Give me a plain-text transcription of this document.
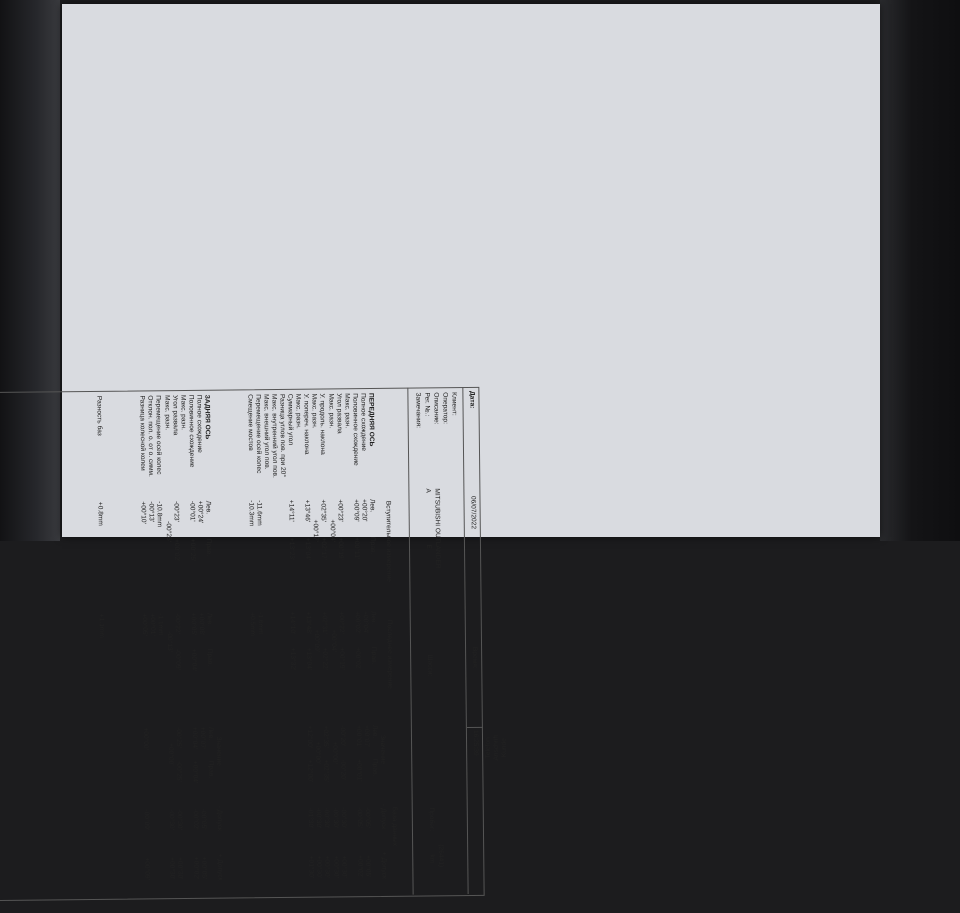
Дата:
06/07/2022
Время:
16:25:39 Telefon Anschrift Kunde
Клиент:
Оператор:
Описание:
Рег. №.:
Замечания:
MITSUBISHI OUTLANDER
A
E
Шасси:
(26441)
Пробег:
km
Вступительное измерение
Последнее измерение
База данных
ПЕРЕДНЯЯ ОСЬ
Лев.
Прав.
Лев.
Прав.
Значение
Лев.
Прав.
- Допуск
+ Допуск
Полное схождение
+00°20'
+00°04'
+00°07'
-00°05'
+00°05'
Половинное схождение
+00°09'
+00°11'
+00°02'
+00°02'
+00°01'
+00°01'
-00°05'
+00°02'
Макс. разн.
Угол развала
+00°23'
+00°19'
+00°22'
+00°19'
-00°20'
-00°20'
-00°30'
+00°30'
Макс. разн.
+00°04'
+00°04'
+00°00'
-00°30'
+00°30'
У. продоль. наклона
+02°35'
+02°17'
+02°31'
+02°22'
+02°35'
+02°35'
-00°30'
+00°30'
Макс. разн.
+00°17'
+00°09'
+00°00'
-00°30'
+00°30'
У. попереч. наклона
+13°46'
+13°04'
+13°48'
+13°04'
+12°00'
+12°00'
-01°30'
+01°30'
Макс. разн.
Суммарный угол
+14°11'
+13°23'
+14°10'
+13°32'
Разница углов пов. при 20°
Макс. внутренний угол пов.
Макс. внешний угол пов.
Перемещение осей колес
-11.6mm
-1.6mm
Смещение мостов
-10.3mm
+0.5mm
ЗАДНЯЯ ОСЬ
Лев.
Прав.
Лев.
Прав.
Значение
Лев.
Прав.
- Допуск
+ Допуск
Полное схождение
+00°24'
+00°08'
+00°07'
-00°05'
+00°05'
Половинное схождение
-00°01'
+00°25'
+00°05'
+00°04'
+00°04'
+00°04'
-00°02'
+00°02'
Макс. разн.
Угол развала
-00°23'
+00°02'
-00°22'
-00°09'
-00°25'
-00°25'
-00°30'
+00°30'
Макс. разн.
-00°26'
-00°13'
+00°00'
-00°30'
+00°30'
Перемещение осей колес
-10.8mm
-1.1mm
Отклон. пол. о. от о. симм.
-00°13'
+00°01'
Разница колесной колеи
+00°10'
+00°05'
+00°00'
-00°09'
+00°09'
Разность баз
+0.8mm
+1.1mm
